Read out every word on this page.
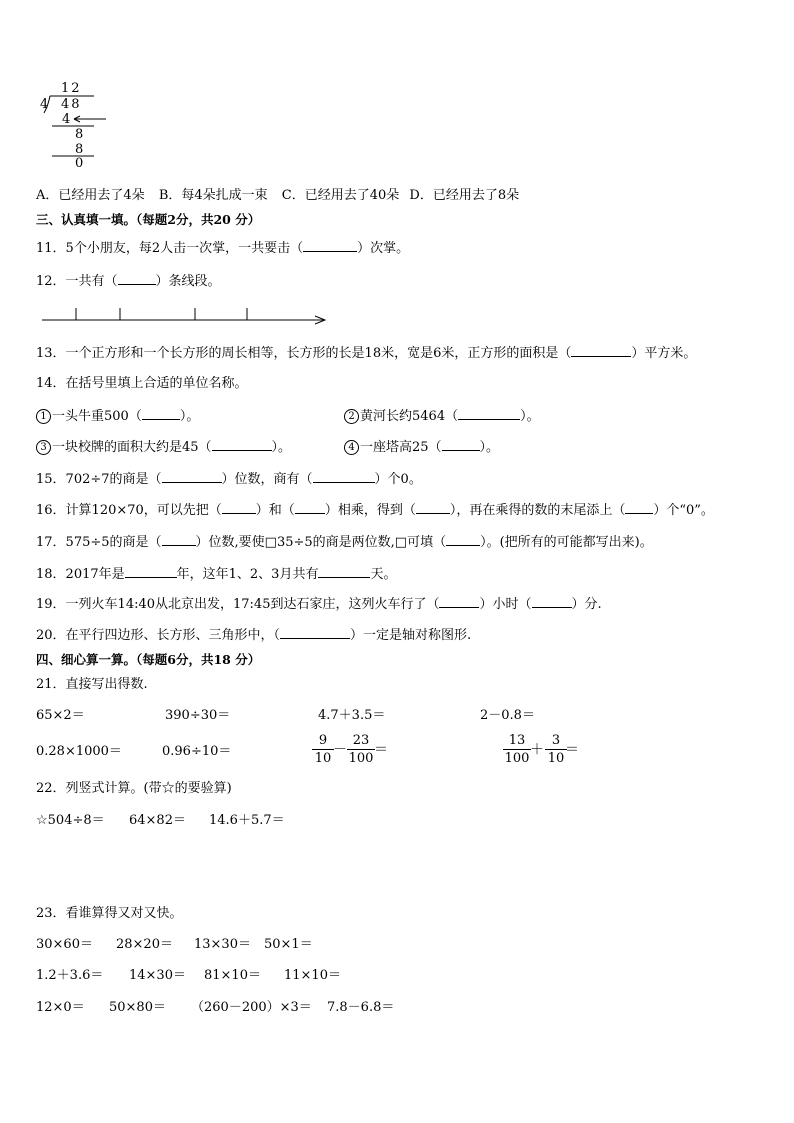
12
4 48
4
8
8
0
A．已经用去了4朵 B．每4朵扎成一束 C．已经用去了40朵 D．已经用去了8朵
三、认真填一填。（每题2分，共20 分）
11．5个小朋友，每2人击一次掌，一共要击（	）次掌。
12．一共有（	）条线段。
13．一个正方形和一个长方形的周长相等，长方形的长是18米，宽是6米，正方形的面积是（	）平方米。
14．在括号里填上合适的单位名称。
1 一头牛重500（	）。	2 黄河长约5464（	）。
3 一块校牌的面积大约是45（	）。	4 一座塔高25（	）。
15．702÷7的商是（	）位数，商有（	）个0。
16．计算120×70，可以先把（	）和（ ）相乘，得到（	），再在乘得的数的末尾添上（ ）个“0”。
17．575÷5的商是（	）位数,要使□35÷5的商是两位数,□可填（	）。(把所有的可能都写出来)。
18．2017年是	年，这年1、2、3月共有	天。
19．一列火车14:40从北京出发，17:45到达石家庄，这列火车行了（	）小时（	）分.
20．在平行四边形、长方形、三角形中，（	）一定是轴对称图形.
四、细心算一算。（每题6分，共18 分）
21．直接写出得数.
65×2＝	390÷30＝	4.7＋3.5＝	2－0.8＝
0.28×1000＝	0.96÷10＝	$\frac{9}{10} - \frac{23}{100}$ ＝	$\frac{13}{100} + \frac{3}{10}$
＝
22．列竖式计算。(带☆的要验算)
☆504÷8＝ 64×82＝ 14.6＋5.7＝
23．看谁算得又对又快。
30×60＝ 28×20＝ 13×30＝ 50×1＝
1.2＋3.6＝ 14×30＝ 81×10＝ 11×10＝
12×0＝ 50×80＝ （260－200）×3＝ 7.8－6.8＝
